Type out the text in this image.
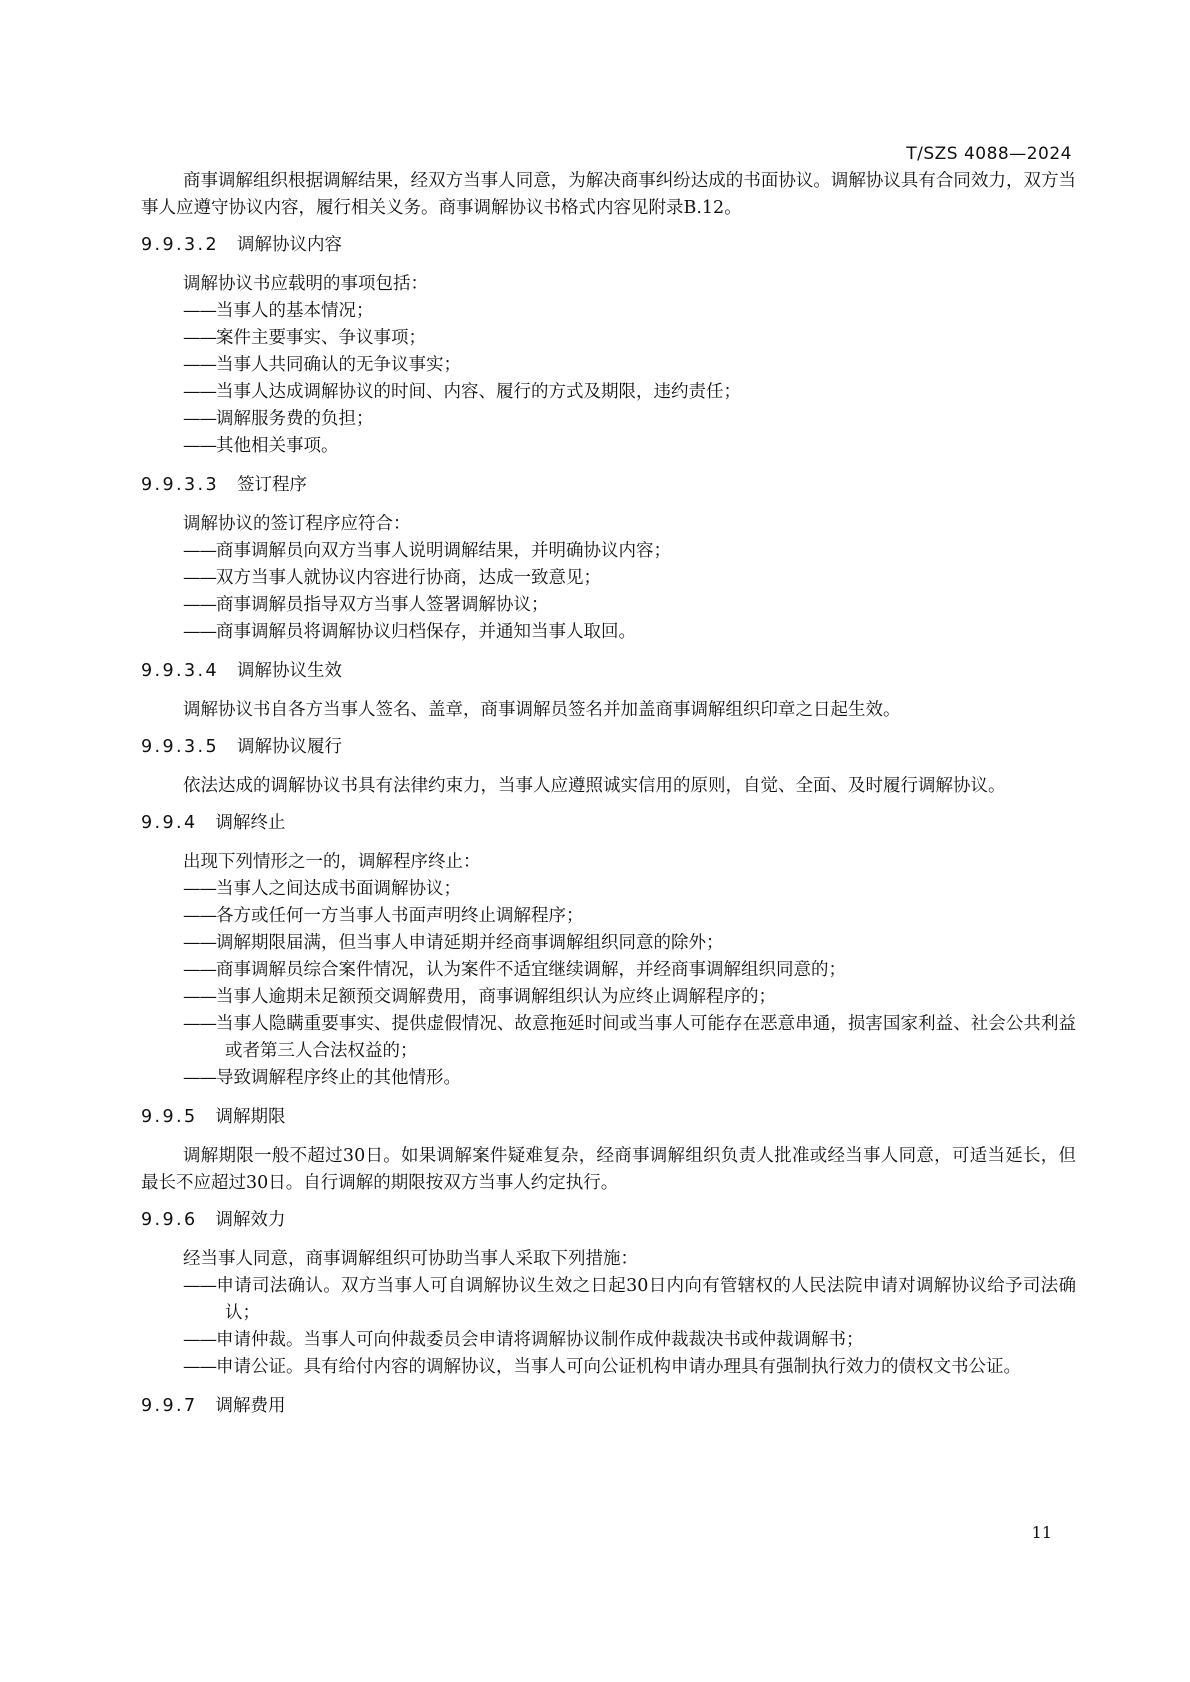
T/SZS 4088—2024

商事调解组织根据调解结果，经双方当事人同意，为解决商事纠纷达成的书面协议。调解协议具有合同效力，双方当事人应遵守协议内容，履行相关义务。商事调解协议书格式内容见附录B.12。

9.9.3.2 调解协议内容

调解协议书应载明的事项包括：

——当事人的基本情况；
——案件主要事实、争议事项；
——当事人共同确认的无争议事实；
——当事人达成调解协议的时间、内容、履行的方式及期限，违约责任；
——调解服务费的负担；
——其他相关事项。
9.9.3.3 签订程序

调解协议的签订程序应符合：

——商事调解员向双方当事人说明调解结果，并明确协议内容；
——双方当事人就协议内容进行协商，达成一致意见；
——商事调解员指导双方当事人签署调解协议；
——商事调解员将调解协议归档保存，并通知当事人取回。
9.9.3.4 调解协议生效

调解协议书自各方当事人签名、盖章，商事调解员签名并加盖商事调解组织印章之日起生效。

9.9.3.5 调解协议履行

依法达成的调解协议书具有法律约束力，当事人应遵照诚实信用的原则，自觉、全面、及时履行调解协议。

9.9.4 调解终止

出现下列情形之一的，调解程序终止：

——当事人之间达成书面调解协议；
——各方或任何一方当事人书面声明终止调解程序；
——调解期限届满，但当事人申请延期并经商事调解组织同意的除外；
——商事调解员综合案件情况，认为案件不适宜继续调解，并经商事调解组织同意的；
——当事人逾期未足额预交调解费用，商事调解组织认为应终止调解程序的；
——当事人隐瞒重要事实、提供虚假情况、故意拖延时间或当事人可能存在恶意串通，损害国家利益、社会公共利益或者第三人合法权益的；
——导致调解程序终止的其他情形。
9.9.5 调解期限

调解期限一般不超过30日。如果调解案件疑难复杂，经商事调解组织负责人批准或经当事人同意，可适当延长，但最长不应超过30日。自行调解的期限按双方当事人约定执行。

9.9.6 调解效力

经当事人同意，商事调解组织可协助当事人采取下列措施：

——申请司法确认。双方当事人可自调解协议生效之日起30日内向有管辖权的人民法院申请对调解协议给予司法确认；
——申请仲裁。当事人可向仲裁委员会申请将调解协议制作成仲裁裁决书或仲裁调解书；
——申请公证。具有给付内容的调解协议，当事人可向公证机构申请办理具有强制执行效力的债权文书公证。
9.9.7 调解费用
11
